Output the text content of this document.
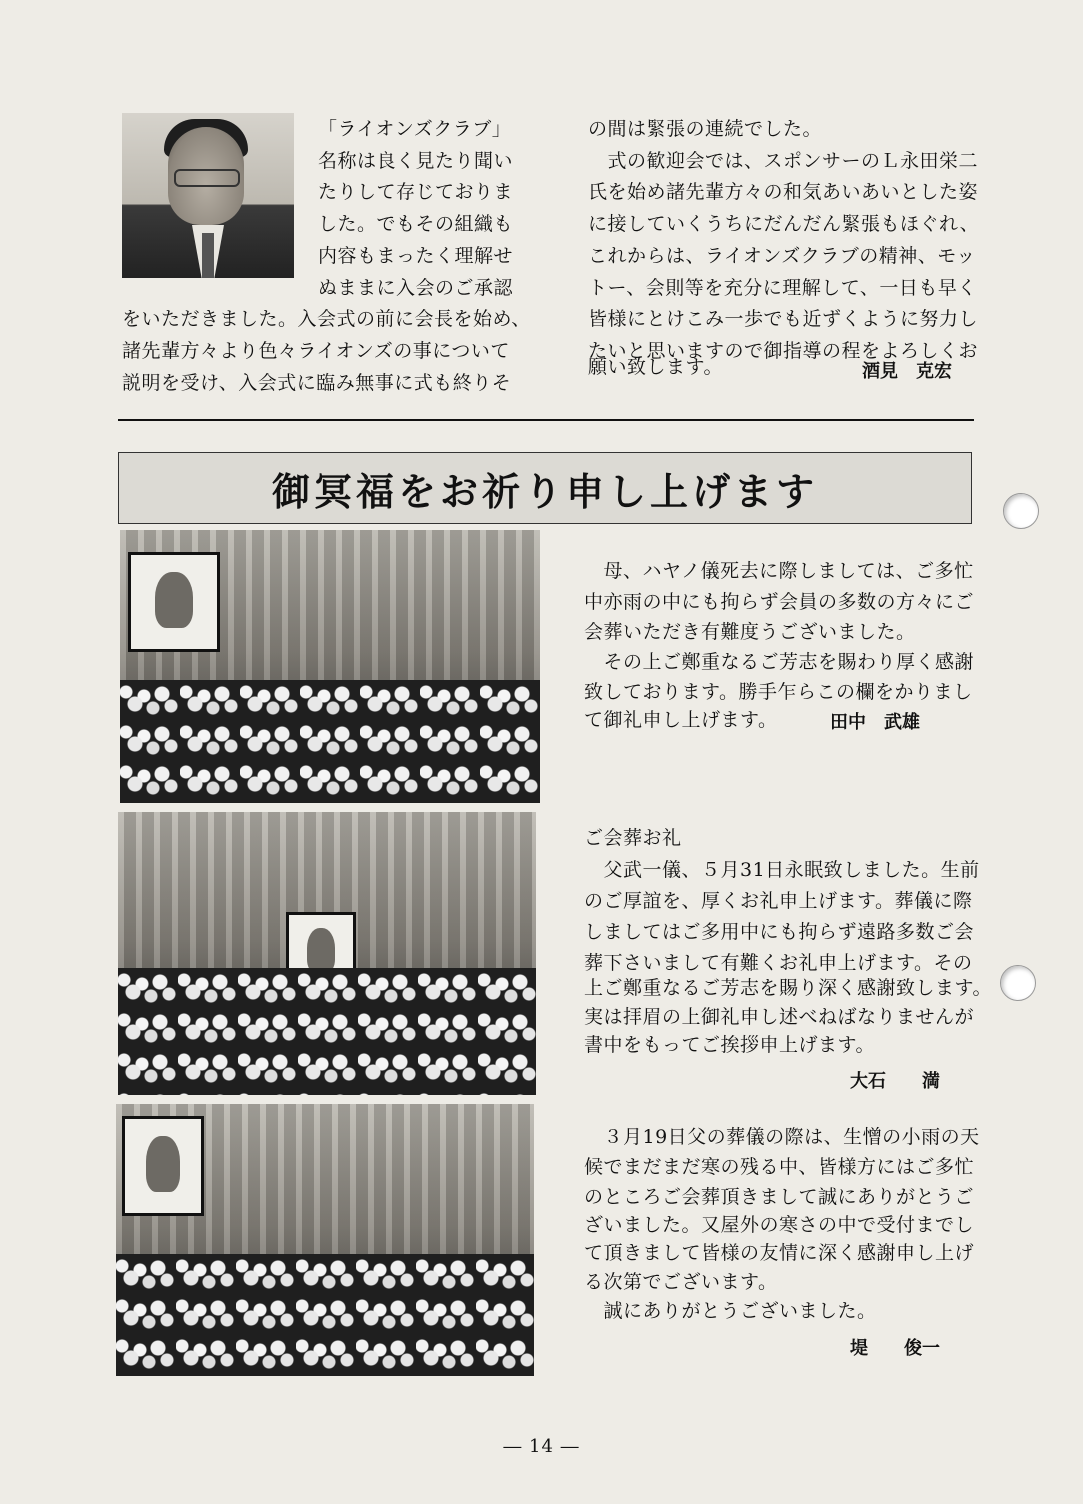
「ライオンズクラブ」
名称は良く見たり聞い
たりして存じておりま
した。でもその組織も
内容もまったく理解せ
ぬままに入会のご承認
をいただきました。入会式の前に会長を始め、
諸先輩方々より色々ライオンズの事について
説明を受け、入会式に臨み無事に式も終りそ
の間は緊張の連続でした。
　式の歓迎会では、スポンサーのＬ永田栄二
氏を始め諸先輩方々の和気あいあいとした姿
に接していくうちにだんだん緊張もほぐれ、
これからは、ライオンズクラブの精神、モッ
トー、会則等を充分に理解して、一日も早く
皆様にとけこみ一歩でも近ずくように努力し
たいと思いますので御指導の程をよろしくお
願い致します。	酒見　克宏
御冥福をお祈り申し上げます
　母、ハヤノ儀死去に際しましては、ご多忙
中亦雨の中にも拘らず会員の多数の方々にご
会葬いただき有難度うございました。
　その上ご鄭重なるご芳志を賜わり厚く感謝
致しております。勝手乍らこの欄をかりまし
て御礼申し上げます。	田中　武雄
ご会葬お礼
　父武一儀、５月31日永眠致しました。生前
のご厚誼を、厚くお礼申上げます。葬儀に際
しましてはご多用中にも拘らず遠路多数ご会
葬下さいまして有難くお礼申上げます。その
上ご鄭重なるご芳志を賜り深く感謝致します。
実は拝眉の上御礼申し述べねばなりませんが
書中をもってご挨拶申上げます。
大石　　満
　３月19日父の葬儀の際は、生憎の小雨の天
候でまだまだ寒の残る中、皆様方にはご多忙
のところご会葬頂きまして誠にありがとうご
ざいました。又屋外の寒さの中で受付までし
て頂きまして皆様の友情に深く感謝申し上げ
る次第でございます。
　誠にありがとうございました。
堤　　俊一
― 14 ―
